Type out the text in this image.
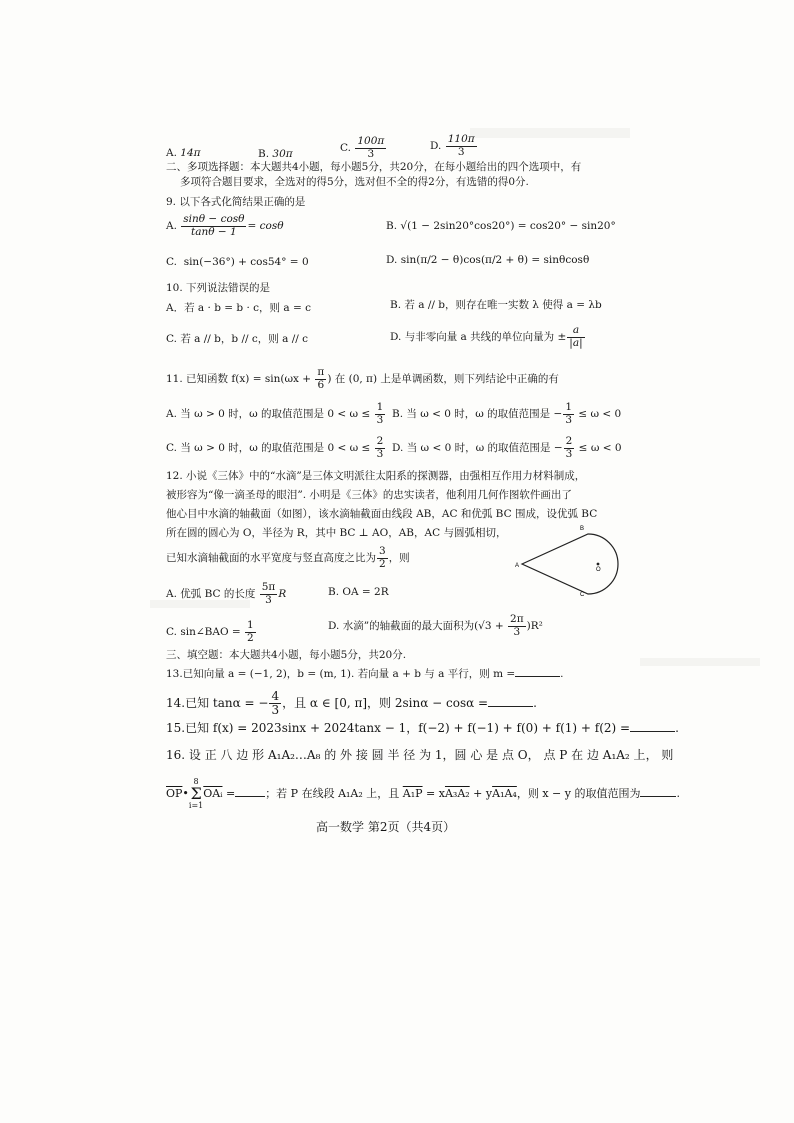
A. 14π	B. 30π	C. $\frac{100\pi}{3}$	D. $\frac{110\pi}{3}$
二、多项选择题：本大题共4小题，每小题5分，共20分，在每小题给出的四个选项中，有
多项符合题目要求，全选对的得5分，选对但不全的得2分，有选错的得0分.
9. 以下各式化简结果正确的是
A. $\frac{\sin\theta - \cos\theta}{\tan\theta - 1} = \cos\theta$	B. √(1 − 2sin20°cos20°) = cos20° − sin20°
C. sin(−36°) + cos54° = 0	D. sin(π/2 − θ)cos(π/2 + θ) = sinθcosθ
10. 下列说法错误的是
A．若 a · b = b · c，则 a = c	B. 若 a // b，则存在唯一实数 λ 使得 a = λb
C. 若 a // b，b // c，则 a // c	D. 与非零向量 a 共线的单位向量为 ± $\frac{a}{|a|}$
11. 已知函数 $f(x) = \sin(\omega x + \frac{\pi}{6}$ ) 在 (0, π) 上是单调函数，则下列结论中正确的有
A. 当 ω > 0 时，ω 的取值范围是 $0 < \omega \le \frac{1}{3} B$. 当 ω < 0 时，ω 的取值范围是 − $\frac{1}{3} \le \omega < 0$
C. 当 ω > 0 时，ω 的取值范围是 $0 < \omega \le \frac{2}{3} D$. 当 ω < 0 时，ω 的取值范围是 − $\frac{2}{3} \le \omega < 0$
12. 小说《三体》中的“水滴”是三体文明派往太阳系的探测器，由强相互作用力材料制成，
被形容为“像一滴圣母的眼泪”. 小明是《三体》的忠实读者，他利用几何作图软件画出了
他心目中水滴的轴截面（如图），该水滴轴截面由线段 AB，AC 和优弧 BC 围成，设优弧 BC
所在圆的圆心为 O，半径为 R，其中 BC ⊥ AO，AB，AC 与圆弧相切，
已知水滴轴截面的水平宽度与竖直高度之比为 $\frac{3}{2}$ ，则
A
B
C
O
A. 优弧 BC 的长度 $\frac{5\pi}{3}$ R	B. OA = 2R
C. sin∠BAO = $\frac{1}{2}$	D. 水滴”的轴截面的最大面积为$(√3 + \frac{2\pi}{3} )R^2$
三、填空题：本大题共4小题，每小题5分，共20分.
13.已知向量 a = (−1, 2)，b = (m, 1). 若向量 a + b 与 a 平行，则 m =	.
14.已知 tanα = − $\frac{4}{3}$ ，且 α ∈ [0, π]，则 2sinα − cosα =	.
15.已知 f(x) = 2023sinx + 2024tanx − 1，f(−2) + f(−1) + f(0) + f(1) + f(2) =	.
16. 设 正 八 边 形 A₁A₂…A₈ 的 外 接 圆 半 径 为 1，圆 心 是 点 O， 点 P 在 边 A₁A₂ 上， 则
$\overline{OP}•8$
Σ
$i=1\overline{OAᵢ}$ =	；若 P 在线段 A₁A₂ 上，且 A₁P = xA₃A₂ + yA₁A₄，则 x − y 的取值范围为	.
高一数学 第2页（共4页）
